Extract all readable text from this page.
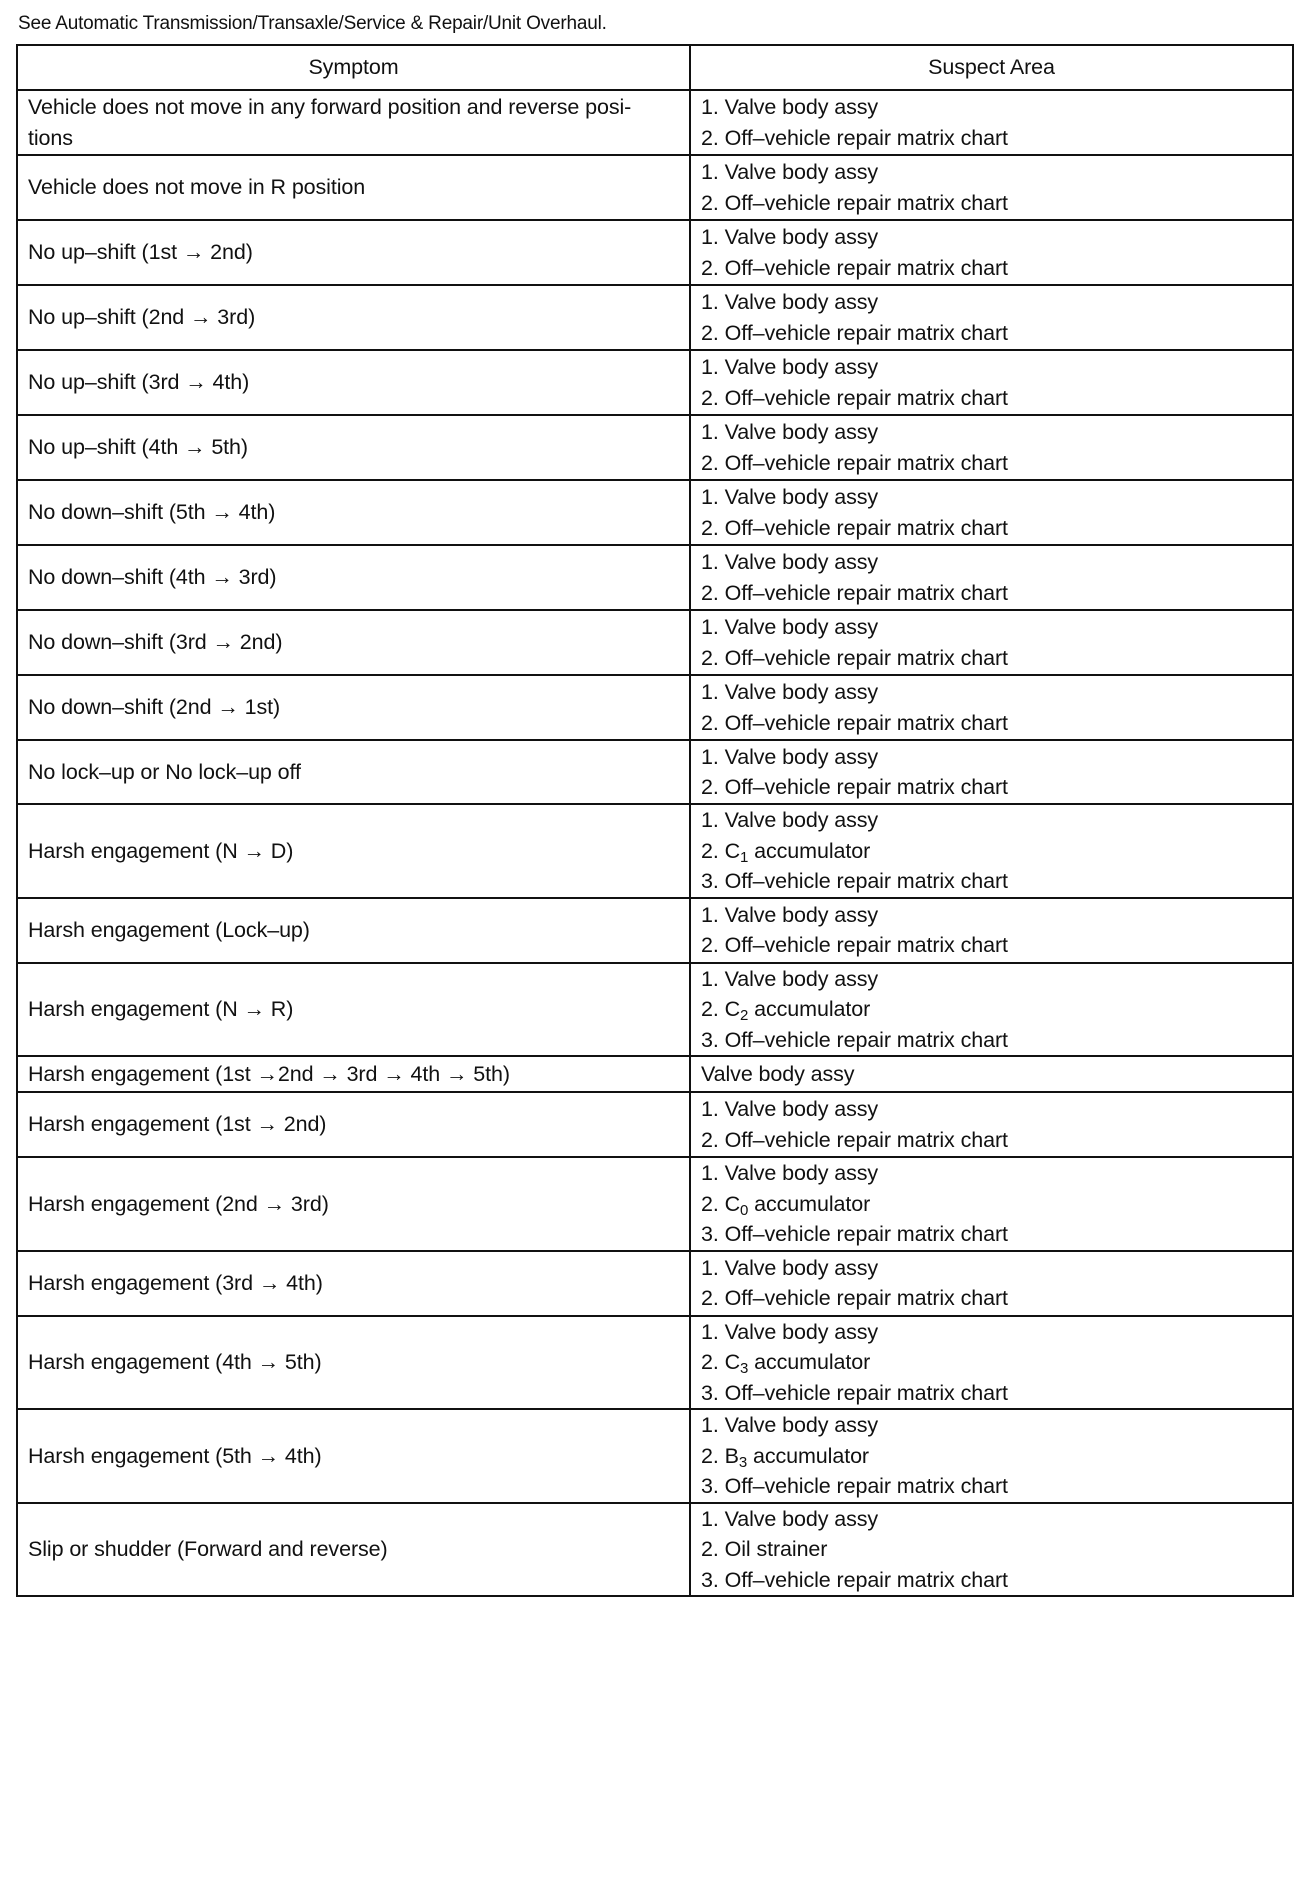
See Automatic Transmission/Transaxle/Service & Repair/Unit Overhaul.
Symptom	Suspect Area

Vehicle does not move in any forward position and reverse posi- tions	1. Valve body assy
2. Off–vehicle repair matrix chart

Vehicle does not move in R position	1. Valve body assy
2. Off–vehicle repair matrix chart

No up–shift (1st → 2nd)	1. Valve body assy
2. Off–vehicle repair matrix chart

No up–shift (2nd → 3rd)	1. Valve body assy
2. Off–vehicle repair matrix chart

No up–shift (3rd → 4th)	1. Valve body assy
2. Off–vehicle repair matrix chart

No up–shift (4th → 5th)	1. Valve body assy
2. Off–vehicle repair matrix chart

No down–shift (5th → 4th)	1. Valve body assy
2. Off–vehicle repair matrix chart

No down–shift (4th → 3rd)	1. Valve body assy
2. Off–vehicle repair matrix chart

No down–shift (3rd → 2nd)	1. Valve body assy
2. Off–vehicle repair matrix chart

No down–shift (2nd → 1st)	1. Valve body assy
2. Off–vehicle repair matrix chart

No lock–up or No lock–up off	1. Valve body assy
2. Off–vehicle repair matrix chart

Harsh engagement (N → D)	1. Valve body assy
2. C1 accumulator
3. Off–vehicle repair matrix chart

Harsh engagement (Lock–up)	1. Valve body assy
2. Off–vehicle repair matrix chart

Harsh engagement (N → R)	1. Valve body assy
2. C2 accumulator
3. Off–vehicle repair matrix chart

Harsh engagement (1st →2nd → 3rd → 4th → 5th)	Valve body assy

Harsh engagement (1st → 2nd)	1. Valve body assy
2. Off–vehicle repair matrix chart

Harsh engagement (2nd → 3rd)	1. Valve body assy
2. C0 accumulator
3. Off–vehicle repair matrix chart

Harsh engagement (3rd → 4th)	1. Valve body assy
2. Off–vehicle repair matrix chart

Harsh engagement (4th → 5th)	1. Valve body assy
2. C3 accumulator
3. Off–vehicle repair matrix chart

Harsh engagement (5th → 4th)	1. Valve body assy
2. B3 accumulator
3. Off–vehicle repair matrix chart

Slip or shudder (Forward and reverse)	1. Valve body assy
2. Oil strainer
3. Off–vehicle repair matrix chart
